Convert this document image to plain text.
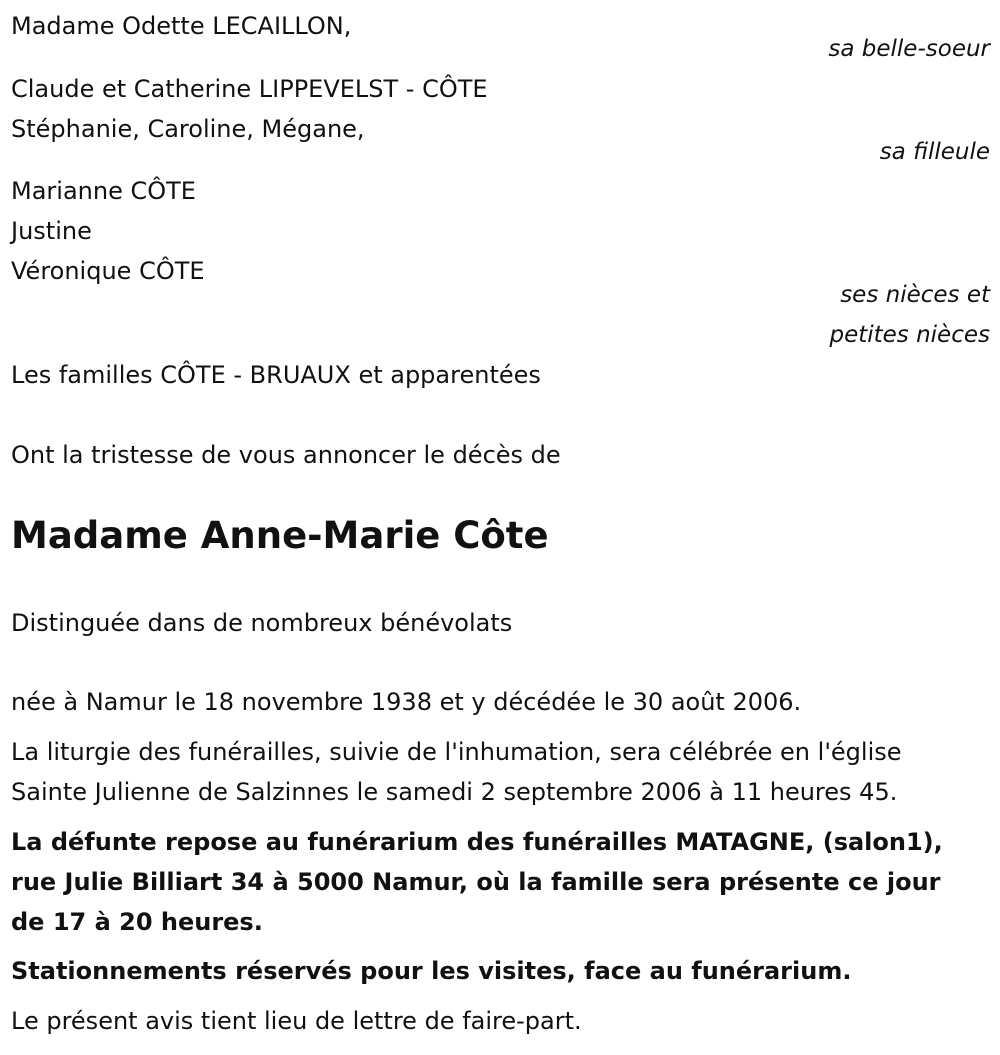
Madame Odette LECAILLON,
sa belle-soeur
Claude et Catherine LIPPEVELST - CÔTE
Stéphanie, Caroline, Mégane,
sa filleule
Marianne CÔTE
Justine
Véronique CÔTE
ses nièces et
petites nièces
Les familles CÔTE - BRUAUX et apparentées
Ont la tristesse de vous annoncer le décès de
Madame Anne-Marie Côte
Distinguée dans de nombreux bénévolats
née à Namur le 18 novembre 1938 et y décédée le 30 août 2006.
La liturgie des funérailles, suivie de l'inhumation, sera célébrée en l'église
Sainte Julienne de Salzinnes le samedi 2 septembre 2006 à 11 heures 45.
La défunte repose au funérarium des funérailles MATAGNE, (salon1),
rue Julie Billiart 34 à 5000 Namur, où la famille sera présente ce jour
de 17 à 20 heures.
Stationnements réservés pour les visites, face au funérarium.
Le présent avis tient lieu de lettre de faire-part.
